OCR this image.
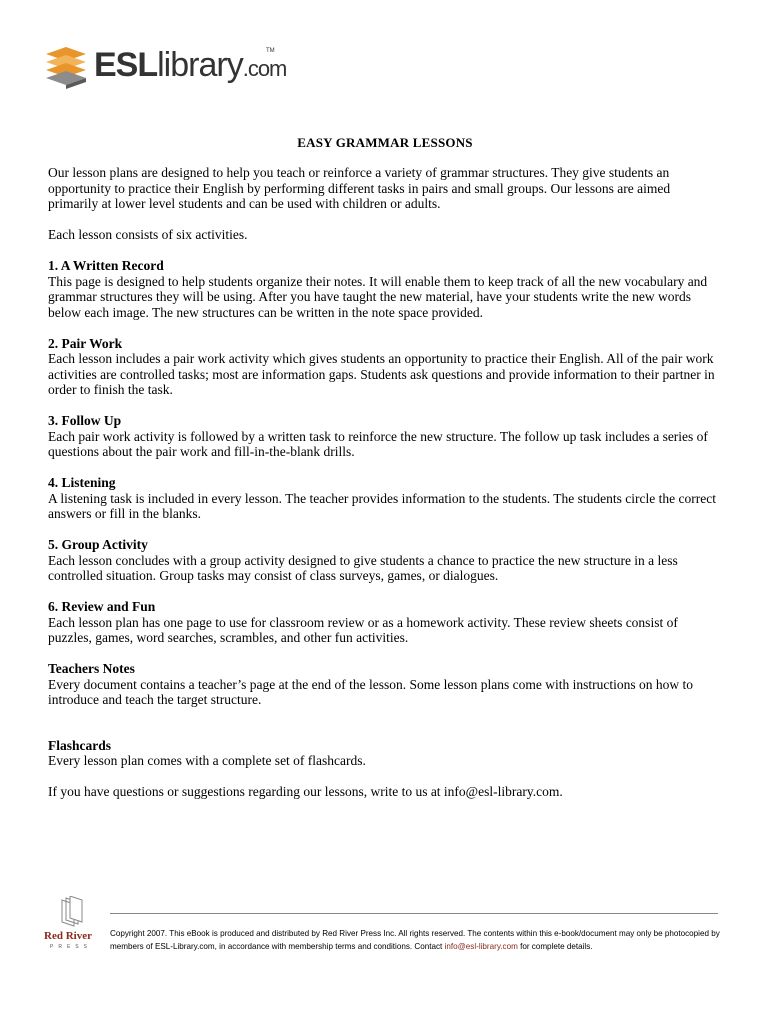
ESLlibrary.com
TM
EASY GRAMMAR LESSONS

Our lesson plans are designed to help you teach or reinforce a variety of grammar structures. They give students an opportunity to practice their English by performing different tasks in pairs and small groups. Our lessons are aimed primarily at lower level students and can be used with children or adults.

Each lesson consists of six activities.

1. A Written Record

This page is designed to help students organize their notes. It will enable them to keep track of all the new vocabulary and grammar structures they will be using. After you have taught the new material, have your students write the new words below each image. The new structures can be written in the note space provided.

2. Pair Work

Each lesson includes a pair work activity which gives students an opportunity to practice their English. All of the pair work activities are controlled tasks; most are information gaps. Students ask questions and provide information to their partner in order to finish the task.

3. Follow Up

Each pair work activity is followed by a written task to reinforce the new structure. The follow up task includes a series of questions about the pair work and fill-in-the-blank drills.

4. Listening

A listening task is included in every lesson. The teacher provides information to the students. The students circle the correct answers or fill in the blanks.

5. Group Activity

Each lesson concludes with a group activity designed to give students a chance to practice the new structure in a less controlled situation. Group tasks may consist of class surveys, games, or dialogues.

6. Review and Fun

Each lesson plan has one page to use for classroom review or as a homework activity. These review sheets consist of puzzles, games, word searches, scrambles, and other fun activities.

Teachers Notes

Every document contains a teacher’s page at the end of the lesson. Some lesson plans come with instructions on how to introduce and teach the target structure.

Flashcards

Every lesson plan comes with a complete set of flashcards.

If you have questions or suggestions regarding our lessons, write to us at info@esl-library.com.

Red River
PRESS
Copyright 2007. This eBook is produced and distributed by Red River Press Inc. All rights reserved. The contents within this e-book/document may only be photocopied by members of ESL-Library.com, in accordance with membership terms and conditions. Contact info@esl-library.com for complete details.
